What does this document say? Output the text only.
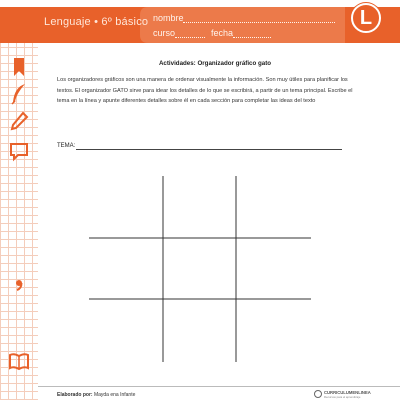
Lenguaje • 6º básico nombre
curso	fecha
L
Actividades: Organizador gráfico gato

Los organizadores gráficos son una manera de ordenar visualmente la información. Son muy útiles para planificar los textos. El organizador GATO sirve para idear los detalles de lo que se escribirá, a partir de un tema principal. Escribe el tema en la línea y apunte diferentes detalles sobre él en cada sección para completar las ideas del texto

TEMA:
Elaborado por: Mayda ena Infante	CURRICULUMENLINEA
Recursos para el aprendizaje
